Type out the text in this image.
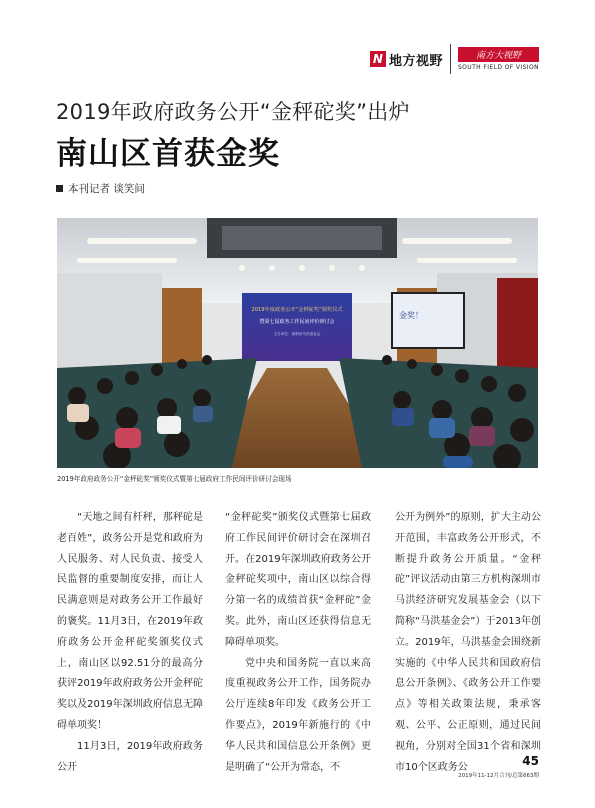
N 地方视野	南方大视野
SOUTH FIELD OF VISION
2019年政府政务公开“金秤砣奖”出炉
南山区首获金奖
本刊记者 谈笑间
金奖！
2019年度政务公开“金秤砣奖”颁奖仪式
暨第七届政务工作民间评价研讨会
主办单位：深圳市马洪基金会
2019年政府政务公开“金秤砣奖”颁奖仪式暨第七届政府工作民间评价研讨会现场

“天地之间有杆秤，那秤砣是老百姓”，政务公开是党和政府为人民服务、对人民负责、接受人民监督的重要制度安排，而让人民满意则是对政务公开工作最好的褒奖。11月3日，在2019年政府政务公开金秤砣奖颁奖仪式上，南山区以92.51分的最高分获评2019年政府政务公开金秤砣奖以及2019年深圳政府信息无障碍单项奖！

11月3日，2019年政府政务公开

“金秤砣奖”颁奖仪式暨第七届政府工作民间评价研讨会在深圳召开。在2019年深圳政府政务公开金秤砣奖项中，南山区以综合得分第一名的成绩首获“金秤砣”金奖。此外，南山区还获得信息无障碍单项奖。

党中央和国务院一直以来高度重视政务公开工作，国务院办公厅连续8年印发《政务公开工作要点》，2019年新施行的《中华人民共和国信息公开条例》更是明确了“公开为常态，不

公开为例外”的原则，扩大主动公开范围，丰富政务公开形式，不断提升政务公开质量。“金秤砣”评议活动由第三方机构深圳市马洪经济研究发展基金会（以下简称“马洪基金会”）于2013年创立。2019年，马洪基金会围绕新实施的《中华人民共和国政府信息公开条例》、《政务公开工作要点》等相关政策法规，秉承客观、公平、公正原则，通过民间视角，分别对全国31个省和深圳市10个区政务公	45
2019年11-12月合刊/总第663期
